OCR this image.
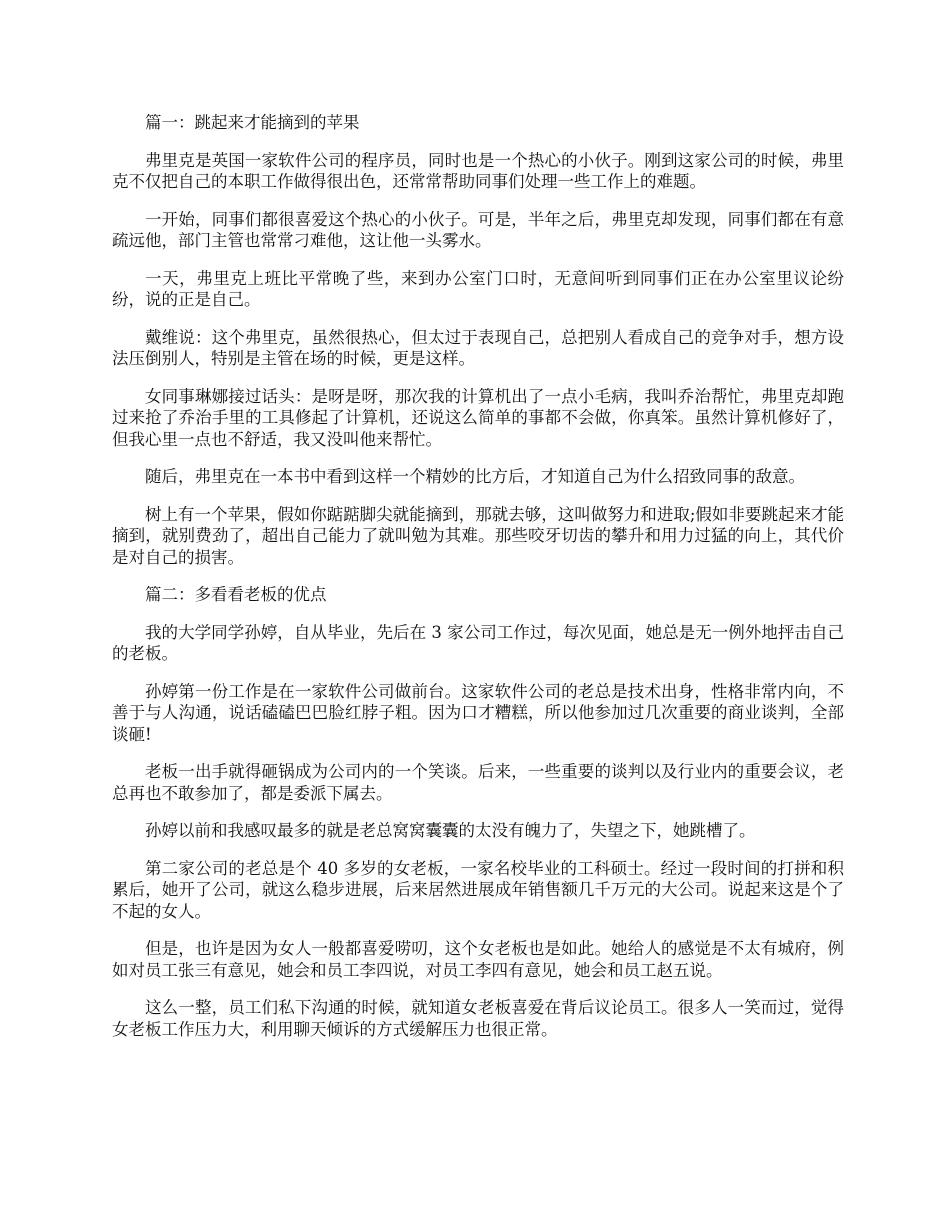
篇一：跳起来才能摘到的苹果

弗里克是英国一家软件公司的程序员，同时也是一个热心的小伙子。刚到这家公司的时候，弗里克不仅把自己的本职工作做得很出色，还常常帮助同事们处理一些工作上的难题。

一开始，同事们都很喜爱这个热心的小伙子。可是，半年之后，弗里克却发现，同事们都在有意疏远他，部门主管也常常刁难他，这让他一头雾水。

一天，弗里克上班比平常晚了些，来到办公室门口时，无意间听到同事们正在办公室里议论纷纷，说的正是自己。

戴维说：这个弗里克，虽然很热心，但太过于表现自己，总把别人看成自己的竞争对手，想方设法压倒别人，特别是主管在场的时候，更是这样。

女同事琳娜接过话头：是呀是呀，那次我的计算机出了一点小毛病，我叫乔治帮忙，弗里克却跑过来抢了乔治手里的工具修起了计算机，还说这么简单的事都不会做，你真笨。虽然计算机修好了，但我心里一点也不舒适，我又没叫他来帮忙。

随后，弗里克在一本书中看到这样一个精妙的比方后，才知道自己为什么招致同事的敌意。

树上有一个苹果，假如你踮踮脚尖就能摘到，那就去够，这叫做努力和进取;假如非要跳起来才能摘到，就别费劲了，超出自己能力了就叫勉为其难。那些咬牙切齿的攀升和用力过猛的向上，其代价是对自己的损害。

篇二：多看看老板的优点

我的大学同学孙婷，自从毕业，先后在 3 家公司工作过，每次见面，她总是无一例外地抨击自己的老板。

孙婷第一份工作是在一家软件公司做前台。这家软件公司的老总是技术出身，性格非常内向，不善于与人沟通，说话磕磕巴巴脸红脖子粗。因为口才糟糕，所以他参加过几次重要的商业谈判，全部谈砸!

老板一出手就得砸锅成为公司内的一个笑谈。后来，一些重要的谈判以及行业内的重要会议，老总再也不敢参加了，都是委派下属去。

孙婷以前和我感叹最多的就是老总窝窝囊囊的太没有魄力了，失望之下，她跳槽了。

第二家公司的老总是个 40 多岁的女老板，一家名校毕业的工科硕士。经过一段时间的打拼和积累后，她开了公司，就这么稳步进展，后来居然进展成年销售额几千万元的大公司。说起来这是个了不起的女人。

但是，也许是因为女人一般都喜爱唠叨，这个女老板也是如此。她给人的感觉是不太有城府，例如对员工张三有意见，她会和员工李四说，对员工李四有意见，她会和员工赵五说。

这么一整，员工们私下沟通的时候，就知道女老板喜爱在背后议论员工。很多人一笑而过，觉得女老板工作压力大，利用聊天倾诉的方式缓解压力也很正常。
